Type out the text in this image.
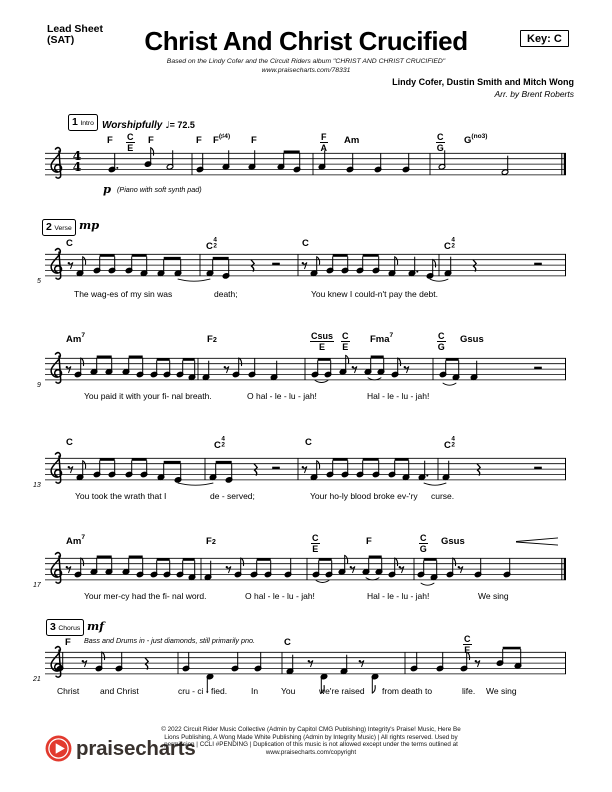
Lead Sheet
(SAT)	Christ And Christ Crucified
Based on the Lindy Cofer and the Circuit Riders album "CHRIST AND CHRIST CRUCIFIED"
www.praisecharts.com/78331
Key: C
Lindy Cofer, Dustin Smith and Mitch Wong
Arr. by Brent Roberts
4
4
1 Intro Worshipfully ♩= 72.5
p (Piano with soft synth pad)
F C
E
F	F $F^{(♯4)}$ F	F
A
Am	C
G
$G^{(no3)}$
2 Verse mp
5
C	C
4
2	C	C
4
2
The wag-es of my sin was	death;	You knew I could-n't pay the debt.
9
Am$^7$	F2	Csus
E
C
E
Fma$^7$	C
G
Gsus
You paid it with your fi- nal breath.	O hal - le - lu - jah!	Hal - le - lu - jah!
13
C	C
4
2	C	C
4
2
You took the wrath that I	de - served;	Your ho-ly blood broke ev-'ry curse.
17
Am$^7$	F2	C
E
F	C
G
Gsus
Your mer-cy had the fi- nal word.	O hal - le - lu - jah!	Hal - le - lu - jah!	We sing
3 Chorus mf
Bass and Drums in - just diamonds, still primarily pno.
21
F	C	C
E
Christ and Christ	cru - ci - fied.	In	You	we're raised from death to	life. We sing
praisecharts
© 2022 Circuit Rider Music Collective (Admin by Capitol CMG Publishing) Integrity's Praise! Music, Here Be
Lions Publishing, A Wong Made White Publishing (Admin by Integrity Music) | All rights reserved. Used by
permission | CCLI #PENDING | Duplication of this music is not allowed except under the terms outlined at
www.praisecharts.com/copyright
